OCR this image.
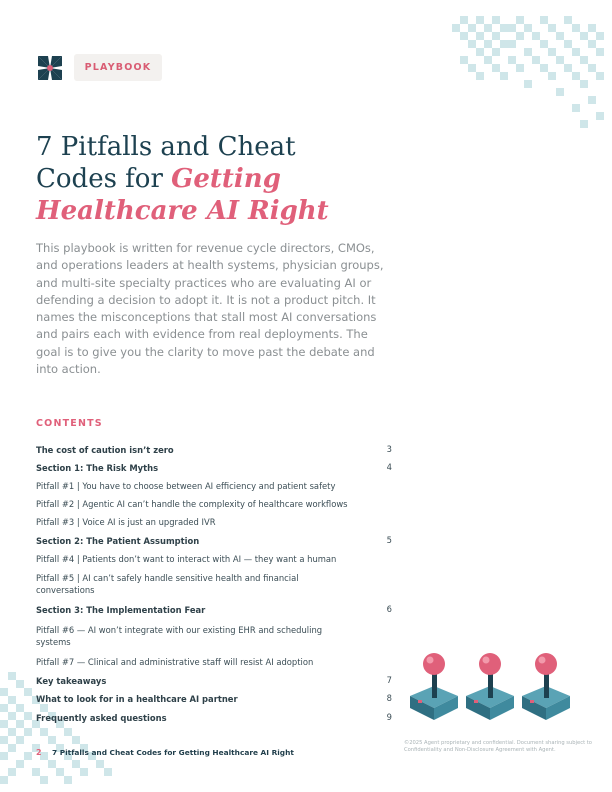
PLAYBOOK
7 Pitfalls and Cheat
Codes for Getting
Healthcare AI Right

This playbook is written for revenue cycle directors, CMOs, and operations leaders at health systems, physician groups, and multi-site specialty practices who are evaluating AI or defending a decision to adopt it. It is not a product pitch. It names the misconceptions that stall most AI conversations and pairs each with evidence from real deployments. The goal is to give you the clarity to move past the debate and into action.

CONTENTS
The cost of caution isn’t zero	3
Section 1: The Risk Myths	4
Pitfall #1 | You have to choose between AI efficiency and patient safety
Pitfall #2 | Agentic AI can’t handle the complexity of healthcare workflows
Pitfall #3 | Voice AI is just an upgraded IVR
Section 2: The Patient Assumption	5
Pitfall #4 | Patients don’t want to interact with AI — they want a human
Pitfall #5 | AI can’t safely handle sensitive health and financial conversations
Section 3: The Implementation Fear	6
Pitfall #6 — AI won’t integrate with our existing EHR and scheduling systems
Pitfall #7 — Clinical and administrative staff will resist AI adoption
Key takeaways	7
What to look for in a healthcare AI partner	8
Frequently asked questions	9
2 7 Pitfalls and Cheat Codes for Getting Healthcare AI Right
©2025 Agent proprietary and confidential. Document sharing subject to Confidentiality and Non-Disclosure Agreement with Agent.
